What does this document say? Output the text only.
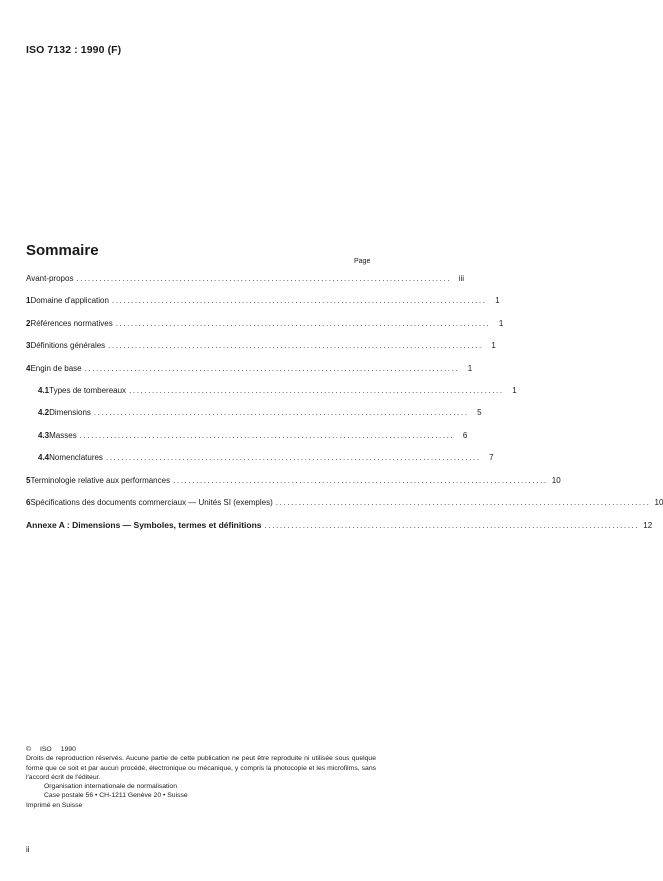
ISO 7132 : 1990 (F)
Sommaire
Page
Avant-propos .................................................................................................. iii
1 Domaine d'application ..................................................................................................	1
2 Références normatives ..................................................................................................	1
3 Définitions générales ..................................................................................................	1
4 Engin de base ..................................................................................................	1
4.1 Types de tombereaux ..................................................................................................	1
4.2 Dimensions ..................................................................................................	5
4.3 Masses ..................................................................................................	6
4.4 Nomenclatures ..................................................................................................	7
5 Terminologie relative aux performances .................................................................................................. 10
6 Spécifications des documents commerciaux — Unités SI (exemples) .................................................................................................. 10
Annexe A : Dimensions — Symboles, termes et définitions .................................................................................................. 12
© ISO 1990
Droits de reproduction réservés. Aucune partie de cette publication ne peut être reproduite ni utilisée sous quelque forme que ce soit et par aucun procédé, électronique ou mécanique, y compris la photocopie et les microfilms, sans l'accord écrit de l'éditeur.
Organisation internationale de normalisation
Case postale 56 • CH-1211 Genève 20 • Suisse
Imprimé en Suisse
ii
